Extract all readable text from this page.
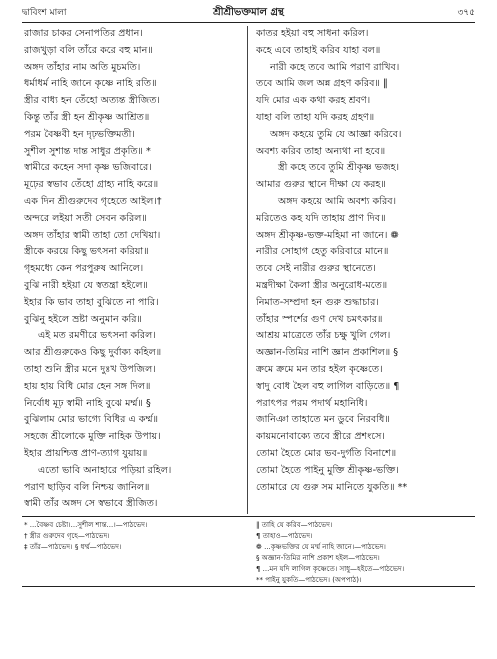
দ্বাবিংশ মালা	শ্রীশ্রীভক্তমাল গ্রন্থ	৩৭৫
রাজার চাকর সেনাপতির প্রধান।
রাজখুড়া বলি তাঁরে করে বহু মান॥
অঙ্গদ তাঁহার নাম অতি মুচমতি।
ধর্মাধর্ম নাহি জানে কৃষ্ণে নাহি রতি॥
স্ত্রীর বাধ্য হন তেঁহো অত্যন্ত স্ত্রীজিত।
কিন্তু তাঁর স্ত্রী হন শ্রীকৃষ্ণ আশ্রিত॥
পরম বৈষ্ণবী হন দৃঢ়ভক্তিমতী।
সুশীল সুশান্ত দান্ত সাধুর প্রকৃতি॥ *
স্বামীরে কহেন সদা কৃষ্ণ ভজিবারে।
মূঢ়ের স্বভাব তেঁহো গ্রাহ্য নাহি করে॥
এক দিন শ্রীগুরুদেব গৃহেতে আইল।†
অন্দরে লইয়া সতী সেবন করিল॥
অঙ্গদ তাঁহার স্বামী তাহা তো দেখিয়া।
স্ত্রীকে করয়ে কিছু ভৎসনা করিয়া॥
গৃহমধ্যে কেন পরপুরুষ আনিলে।
বুঝি নারী হইয়া যে স্বতন্ত্রা হইলে॥
ইহার কি ভাব তাহা বুঝিতে না পারি।
বুঝিনু হইলে ভ্রষ্টা অনুমান করি॥
এই মত রমণীরে ভৎসনা করিল।
আর শ্রীগুরুকেও কিছু দুর্বাক্য কহিল॥
তাহা শুনি স্ত্রীর মনে দুঃখ উপজিল।
হায় হায় বিধি মোর হেন সঙ্গ দিল॥
নির্বোধ মূঢ় স্বামী নাহি বুঝে মর্ম্ম॥ §
বুঝিলাম মোর ভাগ্যে বিধির এ কর্ম্ম॥
সহজে শ্রীলোকে মুক্তি নাহিক উপায়।
ইহার প্রায়শ্চিত্ত প্রাণ-ত্যাগ যুয়ায়॥
এতো ভাবি অনাহারে পড়িয়া রহিল।
পরাণ ছাড়িব বলি নিশ্চয় জানিল॥
স্বামী তাঁর অঙ্গদ সে স্বভাবে স্ত্রীজিত।
কাতর হইয়া বহু সাধনা করিল।
কহে এবে তাহাই করিব যাহা বল॥
নারী কহে তবে আমি পরাণ রাখিব।
তবে আমি জল অন্ন গ্রহণ করিব॥ ‖
যদি মোর এক কথা করহ শ্রবণ।
যাহা বলি তাহা যদি করহ গ্রহণ॥
অঙ্গদ কহয়ে তুমি যে আজ্ঞা করিবে।
অবশ্য করিব তাহা অন্যথা না হবে॥
স্ত্রী কহে তবে তুমি শ্রীকৃষ্ণ ভজহ।
আমার গুরুর স্থানে দীক্ষা যে করহ॥
অঙ্গদ কহয়ে আমি অবশ্য করিব।
মরিতেও কহ যদি তাহায় প্রাণ দিব॥
অঙ্গদ শ্রীকৃষ্ণ-ভক্ত-মহিমা না জানে। ❁
নারীর সোহাগ হেতু করিবারে মানে॥
তবে সেই নারীর গুরুর স্থানেতে।
মন্ত্রদীক্ষা কৈলা স্ত্রীর অনুরোধ-মতে॥
নিমাত-সম্প্রদা হন গুরু শুদ্ধাচার।
তাঁহার স্পর্শের গুণ দেখ চমৎকার॥
আশ্রয় মাত্রেতে তাঁর চক্ষু খুলি গেল।
অজ্ঞান-তিমির নাশি জ্ঞান প্রকাশিল॥ §
ক্রমে ক্রমে মন তার হইল কৃষ্ণেতে।
স্বাদু বোধ হৈল বহু লাগিল বাড়িতে॥ ¶
পরাৎপর পরম পদার্থ মহানিধি।
জানিঞা তাহাতে মন ডুবে নিরবধি॥
কায়মনোবাক্যে তবে স্ত্রীরে প্রশংসে।
তোমা হৈতে মোর ভব-দুর্গতি বিনাশে॥
তোমা হৈতে পাইনু মুক্তি শ্রীকৃষ্ণ-ভক্তি।
তোমারে যে গুরু সম মানিতে যুকতি॥ **
* ...বৈষ্ণব চেষ্টা।...সুশীল শান্ত...।—পাঠভেদ।
† স্ত্রীর গুরুদেব গৃহে—পাঠভেদ।
‡ তাঁর—পাঠভেদ। § ধর্ম্ম—পাঠভেদ।
‖ তাহি যে করিব—পাঠভেদ।
¶ তাহাও—পাঠভেদ।
❁ ...কৃষ্ণভক্তির যে মর্ম্ম নাহি জানে।—পাঠভেদ।
§ অজ্ঞান-তিমির নাশি প্রকাশ হইল—পাঠভেদ।
¶ ...মন যদি লাগিল কৃষ্ণেতে। সাধু—হইতে—পাঠভেদ।
** পাইনু যুকতি—পাঠভেদ। (অপপাঠ)।
